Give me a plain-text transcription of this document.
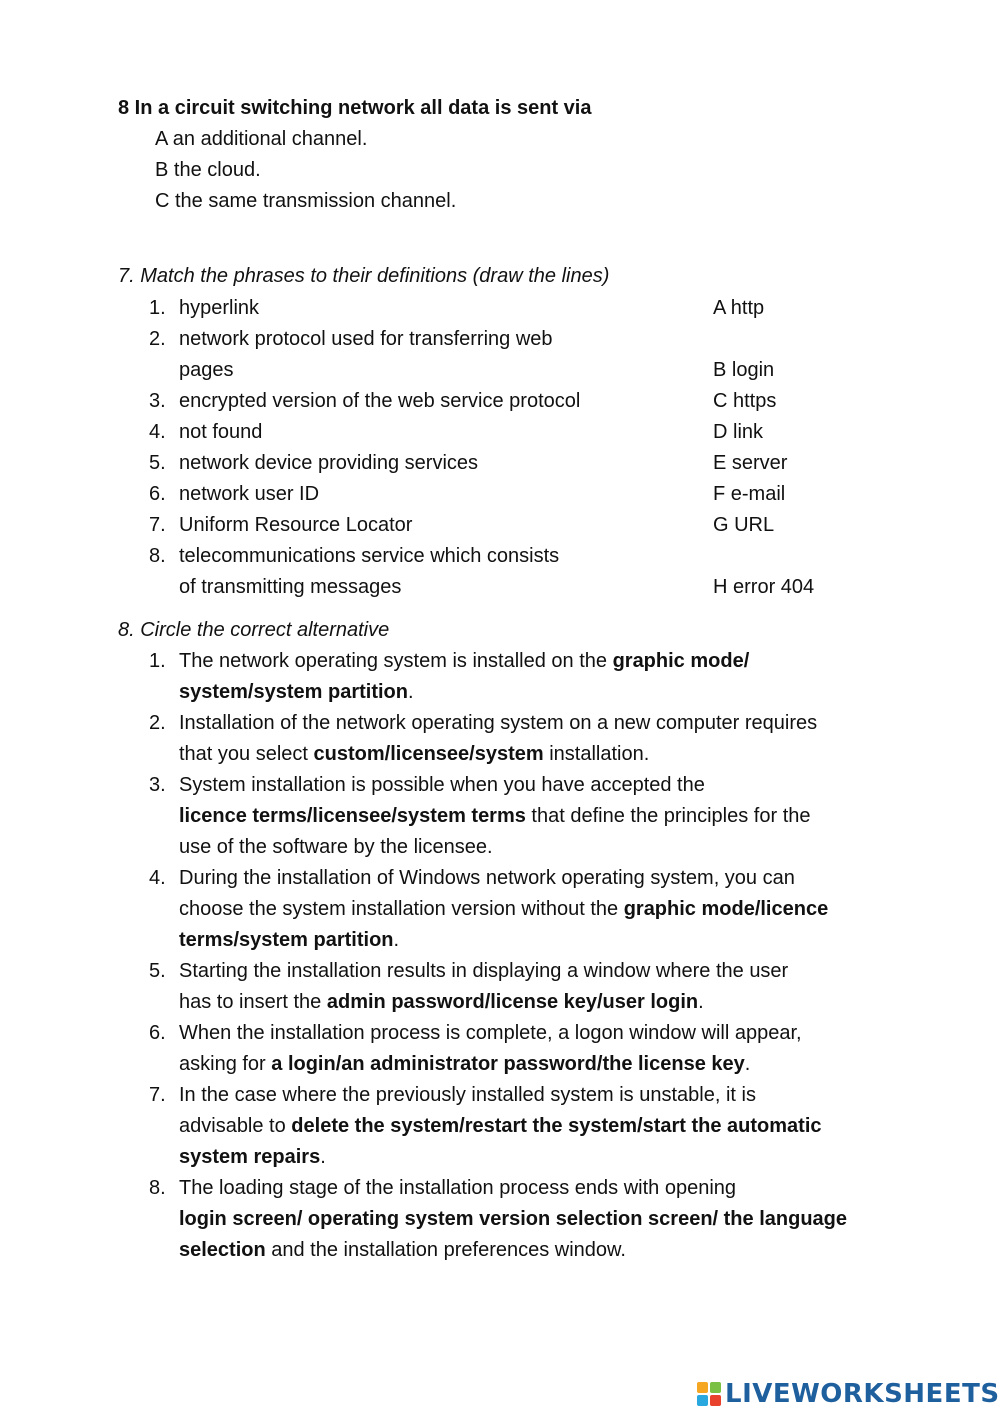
8 In a circuit switching network all data is sent via
A an additional channel.
B the cloud.
C the same transmission channel.
7. Match the phrases to their definitions (draw the lines)
1. hyperlink
2. network protocol used for transferring web
pages
3. encrypted version of the web service protocol
4. not found
5. network device providing services
6. network user ID
7. Uniform Resource Locator
8. telecommunications service which consists
of transmitting messages
A http
B login
C https
D link
E server
F e-mail
G URL
H error 404
8. Circle the correct alternative
1. The network operating system is installed on the graphic mode/
system/system partition.
2. Installation of the network operating system on a new computer requires
that you select custom/licensee/system installation.
3. System installation is possible when you have accepted the
licence terms/licensee/system terms that define the principles for the
use of the software by the licensee.
4. During the installation of Windows network operating system, you can
choose the system installation version without the graphic mode/licence
terms/system partition.
5. Starting the installation results in displaying a window where the user
has to insert the admin password/license key/user login.
6. When the installation process is complete, a logon window will appear,
asking for a login/an administrator password/the license key.
7. In the case where the previously installed system is unstable, it is
advisable to delete the system/restart the system/start the automatic
system repairs.
8. The loading stage of the installation process ends with opening
login screen/ operating system version selection screen/ the language
selection and the installation preferences window.
LIVEWORKSHEETS
